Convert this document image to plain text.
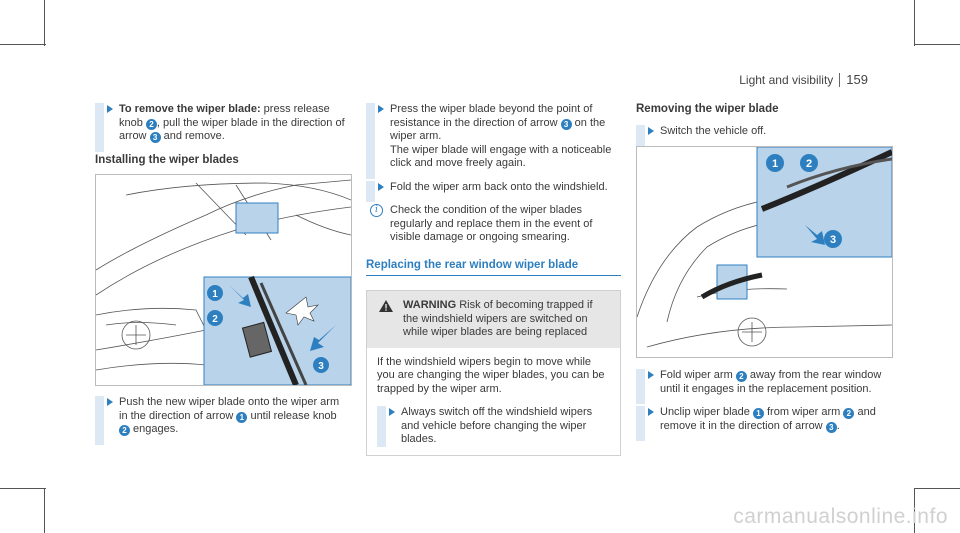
Light and visibility 159
To remove the wiper blade: press release knob 2 , pull the wiper blade in the direction of arrow 3 and remove.
Installing the wiper blades
1
2
3
Push the new wiper blade onto the wiper arm in the direction of arrow 1 until release knob 2 engages.
Press the wiper blade beyond the point of resistance in the direction of arrow 3 on the wiper arm.
The wiper blade will engage with a noticeable click and move freely again.
Fold the wiper arm back onto the windshield.
i	Check the condition of the wiper blades regularly and replace them in the event of visible damage or ongoing smearing.
Replacing the rear window wiper blade
WARNING Risk of becoming trapped if the windshield wipers are switched on while wiper blades are being replaced
If the windshield wipers begin to move while you are changing the wiper blades, you can be trapped by the wiper arm.
Always switch off the windshield wipers and vehicle before changing the wiper blades.
Removing the wiper blade
Switch the vehicle off.
1	2
3
Fold wiper arm 2 away from the rear window until it engages in the replacement position.
Unclip wiper blade 1 from wiper arm 2 and remove it in the direction of arrow 3 .
carmanualsonline.info
